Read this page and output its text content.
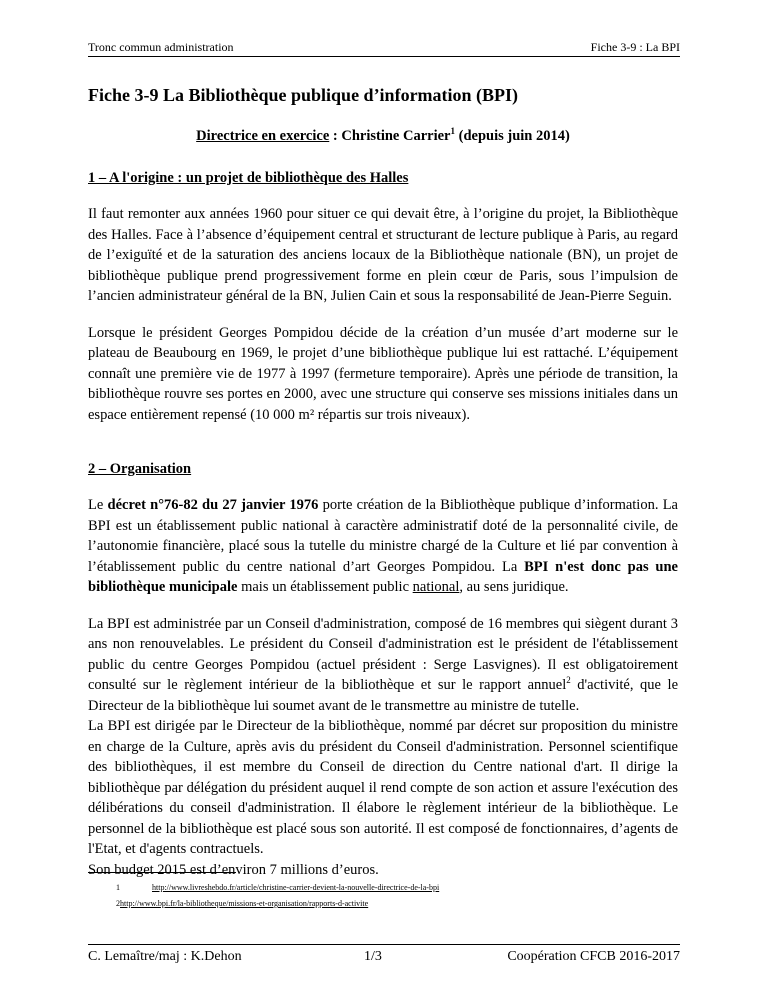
Tronc commun administration	Fiche 3-9 : La BPI
Fiche 3-9 La Bibliothèque publique d’information (BPI)
Directrice en exercice : Christine Carrier$^1$ (depuis juin 2014)
1 – A l'origine : un projet de bibliothèque des Halles

Il faut remonter aux années 1960 pour situer ce qui devait être, à l’origine du projet, la Bibliothèque des Halles. Face à l’absence d’équipement central et structurant de lecture publique à Paris, au regard de l’exiguïté et de la saturation des anciens locaux de la Bibliothèque nationale (BN), un projet de bibliothèque publique prend progressivement forme en plein cœur de Paris, sous l’impulsion de l’ancien administrateur général de la BN, Julien Cain et sous la responsabilité de Jean-Pierre Seguin.

Lorsque le président Georges Pompidou décide de la création d’un musée d’art moderne sur le plateau de Beaubourg en 1969, le projet d’une bibliothèque publique lui est rattaché. L’équipement connaît une première vie de 1977 à 1997 (fermeture temporaire). Après une période de transition, la bibliothèque rouvre ses portes en 2000, avec une structure qui conserve ses missions initiales dans un espace entièrement repensé (10 000 m² répartis sur trois niveaux).

2 – Organisation

Le décret n°76-82 du 27 janvier 1976 porte création de la Bibliothèque publique d’information. La BPI est un établissement public national à caractère administratif doté de la personnalité civile, de l’autonomie financière, placé sous la tutelle du ministre chargé de la Culture et lié par convention à l’établissement public du centre national d’art Georges Pompidou. La BPI n'est donc pas une bibliothèque municipale mais un établissement public national, au sens juridique.

La BPI est administrée par un Conseil d'administration, composé de 16 membres qui siègent durant 3 ans non renouvelables. Le président du Conseil d'administration est le président de l'établissement public du centre Georges Pompidou (actuel président : Serge Lasvignes). Il est obligatoirement consulté sur le règlement intérieur de la bibliothèque et sur le rapport annuel$^2$ d'activité, que le Directeur de la bibliothèque lui soumet avant de le transmettre au ministre de tutelle.

La BPI est dirigée par le Directeur de la bibliothèque, nommé par décret sur proposition du ministre en charge de la Culture, après avis du président du Conseil d'administration. Personnel scientifique des bibliothèques, il est membre du Conseil de direction du Centre national d'art. Il dirige la bibliothèque par délégation du président auquel il rend compte de son action et assure l'exécution des délibérations du conseil d'administration. Il élabore le règlement intérieur de la bibliothèque. Le personnel de la bibliothèque est placé sous son autorité. Il est composé de fonctionnaires, d’agents de l'Etat, et d'agents contractuels.

Son budget 2015 est d’environ 7 millions d’euros.

1	http://www.livreshebdo.fr/article/christine-carrier-devient-la-nouvelle-directrice-de-la-bpi
2http://www.bpi.fr/la-bibliotheque/missions-et-organisation/rapports-d-activite
C. Lemaître/maj : K.Dehon	1/3	Coopération CFCB 2016-2017
